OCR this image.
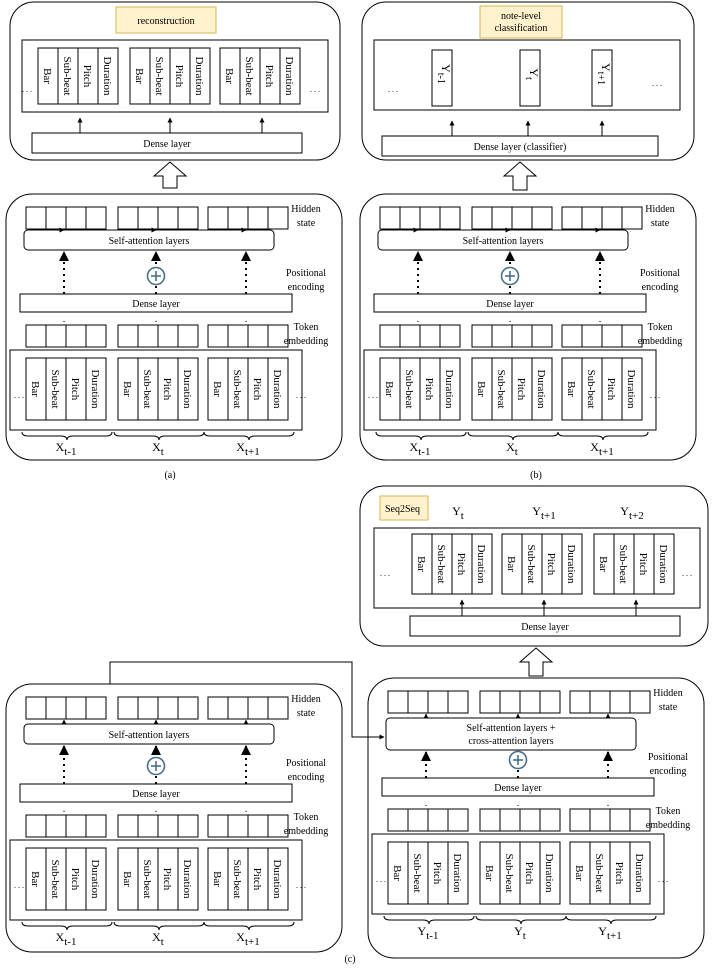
reconstruction
Bar Sub-beat Pitch Duration Bar Sub-beat Pitch Duration Bar Sub-beat Pitch Duration
. . .	. . .
Dense layer
Hidden
state
Self-attention layers
Positional
encoding
Dense layer
.	.	.
Token
embedding
Bar Sub-beat Pitch Duration Bar Sub-beat Pitch Duration Bar Sub-beat Pitch Duration
. . .	. . .
Xt-1	Xt	Xt+1
(a)
note-level
classification
$Y_{t-1}$
$Y_t$
$Y_{t+1}$
. . .
. . .
Dense layer (classifier)
Hidden
state
Self-attention layers
Positional
encoding
Dense layer
.	.	.
Token
embedding
Bar Sub-beat Pitch Duration Bar Sub-beat Pitch Duration Bar Sub-beat Pitch Duration
. . .	. . .
Xt-1	Xt	Xt+1
(b)
Seq2Seq	Yt	Yt+1	Yt+2
Bar Sub-beat Pitch Duration Bar Sub-beat Pitch Duration Bar Sub-beat Pitch Duration
. . .	. . .
Dense layer
Hidden
state
Self-attention layers
Positional
encoding
Dense layer
.	.	.
Token
embedding
Bar Sub-beat Pitch Duration Bar Sub-beat Pitch Duration Bar Sub-beat Pitch Duration
. . .	. . .
Xt-1	Xt	Xt+1
Hidden
state
Self-attention layers +
cross-attention layers
Positional
encoding
Dense layer
.	.	.
Token
embedding
Bar Sub-beat Pitch Duration Bar Sub-beat Pitch Duration Bar Sub-beat Pitch Duration
. . .	. . .
Yt-1	Yt	Yt+1
(c)
